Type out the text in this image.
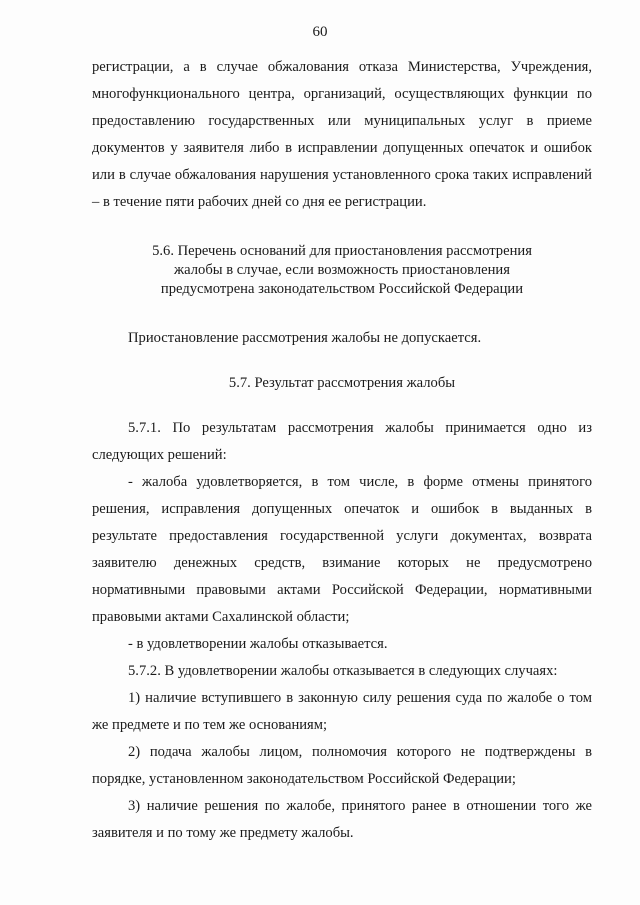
60

регистрации, а в случае обжалования отказа Министерства, Учреждения, многофункционального центра, организаций, осуществляющих функции по предоставлению государственных или муниципальных услуг в приеме документов у заявителя либо в исправлении допущенных опечаток и ошибок или в случае обжалования нарушения установленного срока таких исправлений – в течение пяти рабочих дней со дня ее регистрации.

5.6. Перечень оснований для приостановления рассмотрения

жалобы в случае, если возможность приостановления

предусмотрена законодательством Российской Федерации

Приостановление рассмотрения жалобы не допускается.

5.7. Результат рассмотрения жалобы

5.7.1. По результатам рассмотрения жалобы принимается одно из следующих решений:

- жалоба удовлетворяется, в том числе, в форме отмены принятого решения, исправления допущенных опечаток и ошибок в выданных в результате предоставления государственной услуги документах, возврата заявителю денежных средств, взимание которых не предусмотрено нормативными правовыми актами Российской Федерации, нормативными правовыми актами Сахалинской области;

- в удовлетворении жалобы отказывается.

5.7.2. В удовлетворении жалобы отказывается в следующих случаях:

1) наличие вступившего в законную силу решения суда по жалобе о том же предмете и по тем же основаниям;

2) подача жалобы лицом, полномочия которого не подтверждены в порядке, установленном законодательством Российской Федерации;

3) наличие решения по жалобе, принятого ранее в отношении того же заявителя и по тому же предмету жалобы.
